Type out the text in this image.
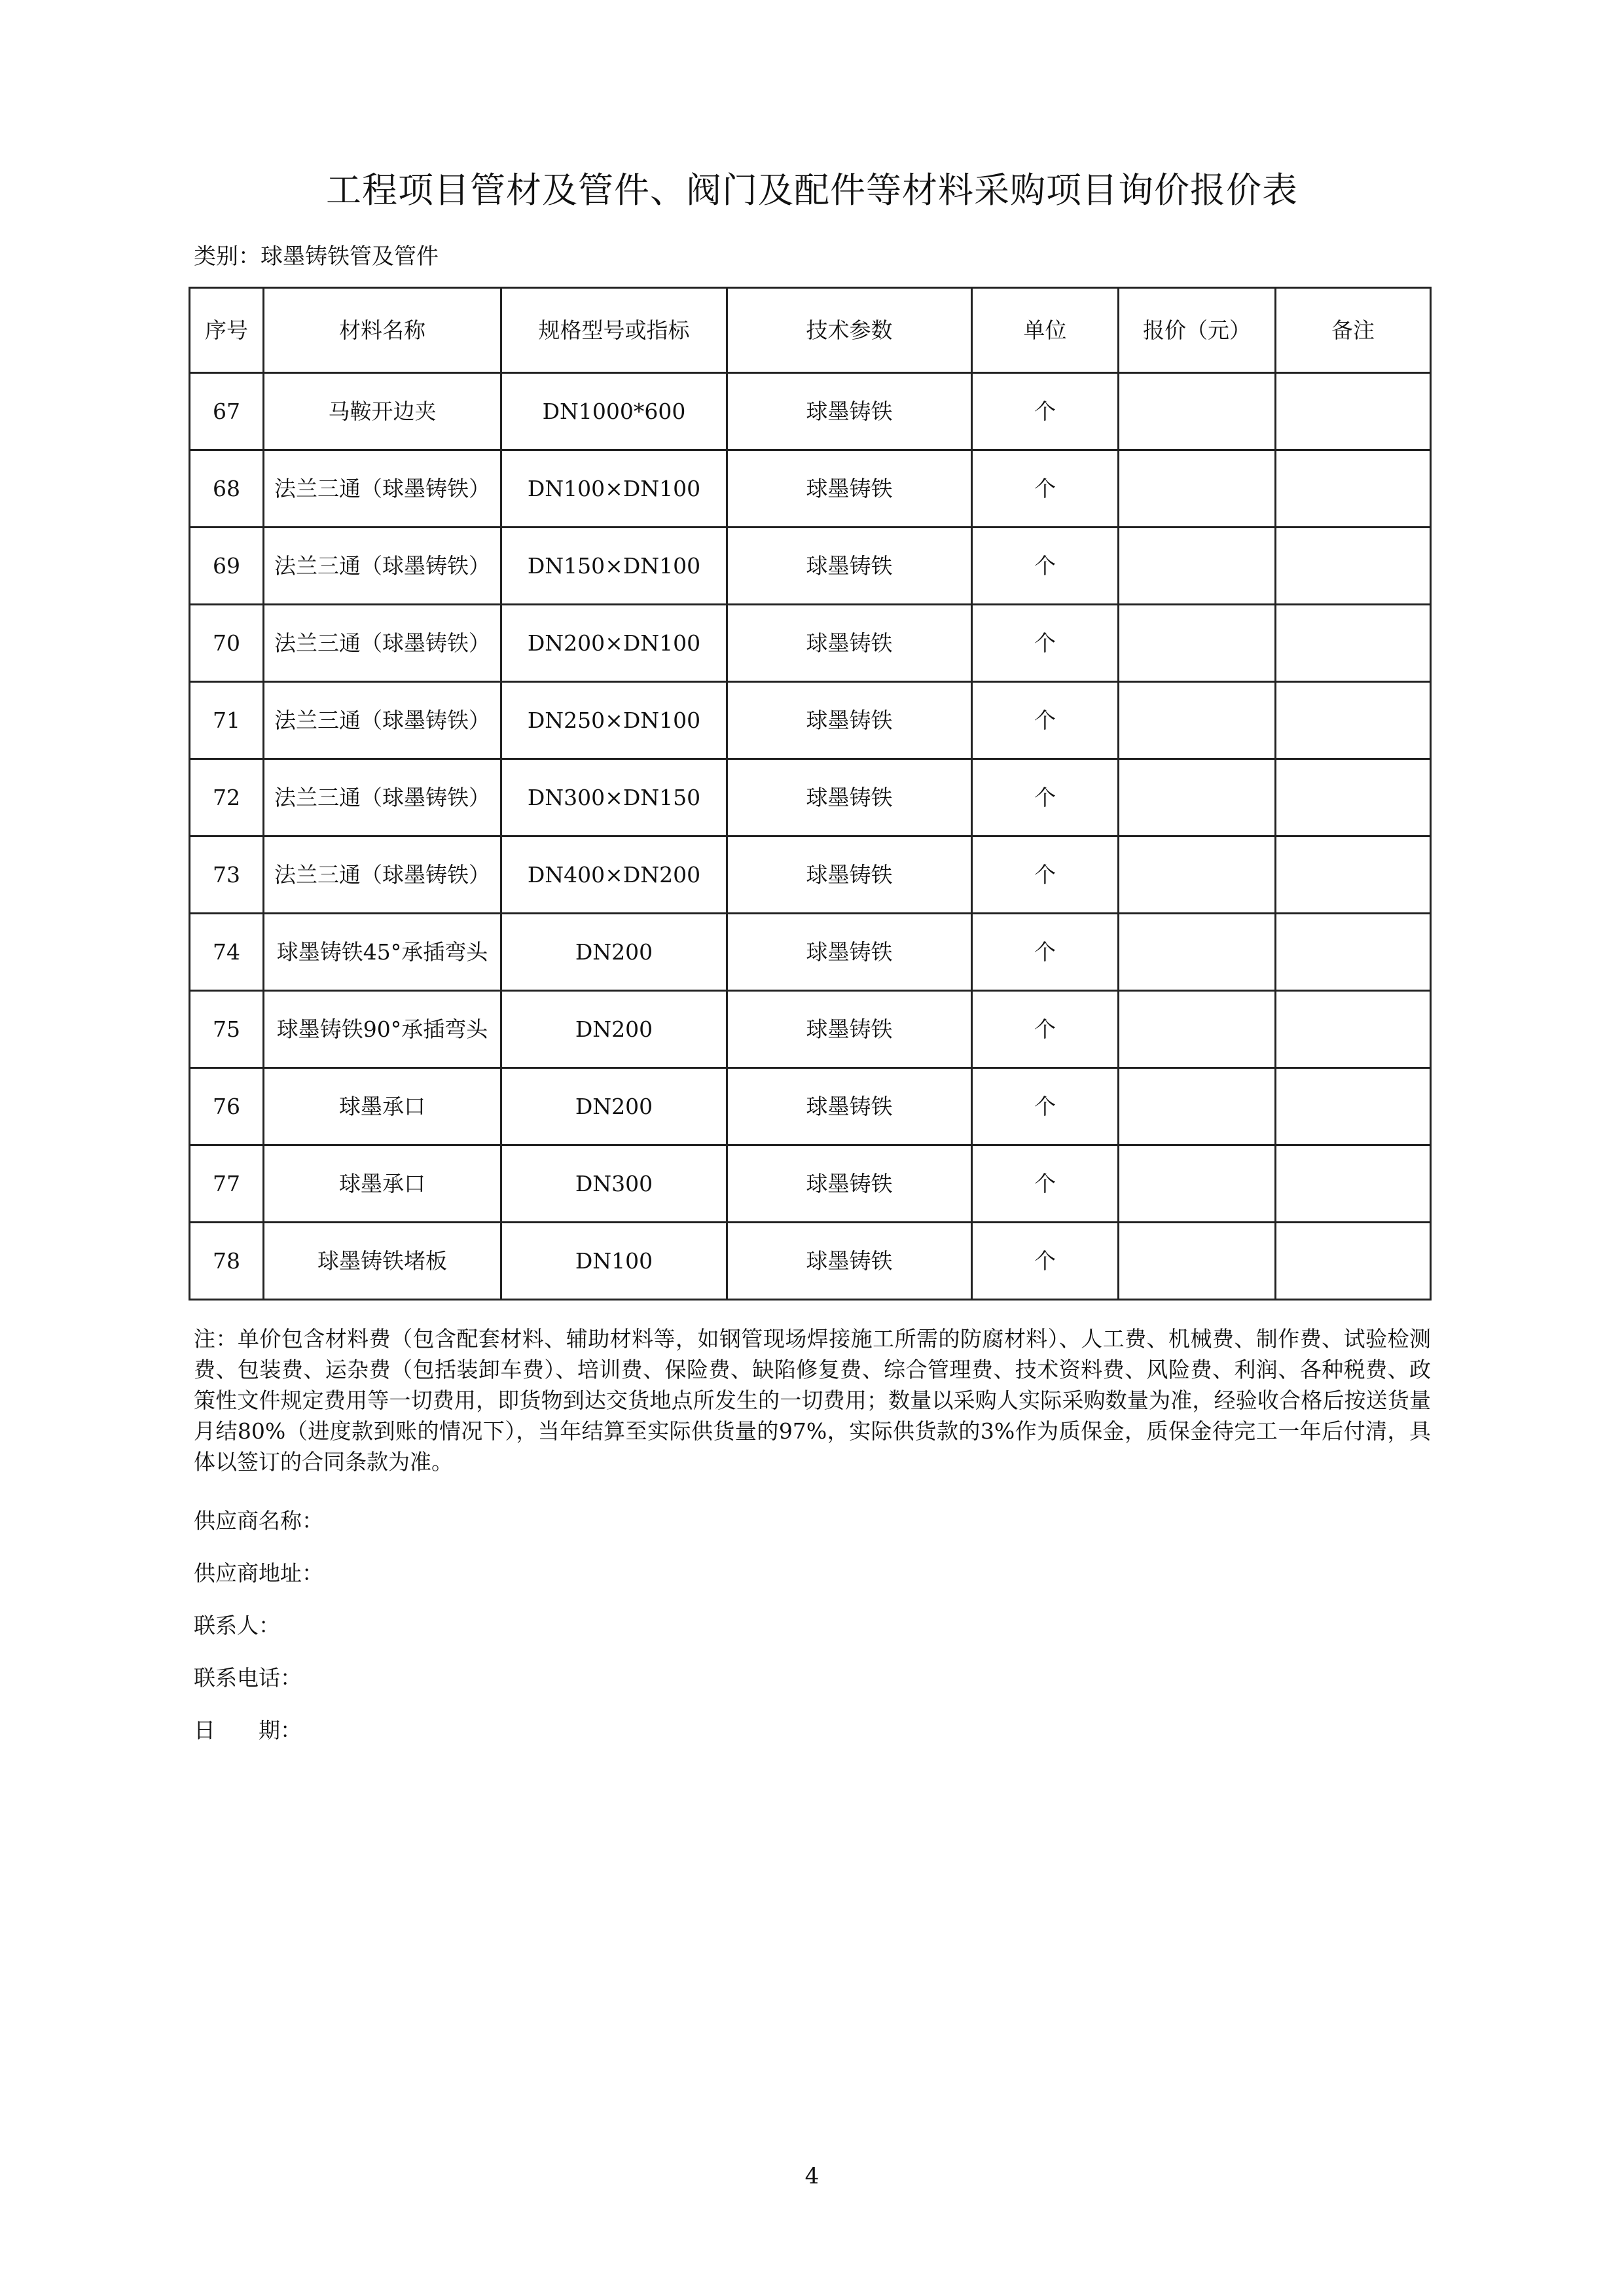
工程项目管材及管件、阀门及配件等材料采购项目询价报价表
类别：球墨铸铁管及管件
序号	材料名称	规格型号或指标	技术参数	单位	报价（元）	备注
67	马鞍开边夹	DN1000*600	球墨铸铁	个		
68	法兰三通（球墨铸铁）	DN100×DN100	球墨铸铁	个		
69	法兰三通（球墨铸铁）	DN150×DN100	球墨铸铁	个		
70	法兰三通（球墨铸铁）	DN200×DN100	球墨铸铁	个		
71	法兰三通（球墨铸铁）	DN250×DN100	球墨铸铁	个		
72	法兰三通（球墨铸铁）	DN300×DN150	球墨铸铁	个		
73	法兰三通（球墨铸铁）	DN400×DN200	球墨铸铁	个		
74	球墨铸铁45°承插弯头	DN200	球墨铸铁	个		
75	球墨铸铁90°承插弯头	DN200	球墨铸铁	个		
76	球墨承口	DN200	球墨铸铁	个		
77	球墨承口	DN300	球墨铸铁	个		
78	球墨铸铁堵板	DN100	球墨铸铁	个		
注：单价包含材料费（包含配套材料、辅助材料等，如钢管现场焊接施工所需的防腐材料）、人工费、机械费、制作费、试验检测费、包装费、运杂费（包括装卸车费）、培训费、保险费、缺陷修复费、综合管理费、技术资料费、风险费、利润、各种税费、政策性文件规定费用等一切费用，即货物到达交货地点所发生的一切费用；数量以采购人实际采购数量为准，经验收合格后按送货量月结80%（进度款到账的情况下），当年结算至实际供货量的97%，实际供货款的3%作为质保金，质保金待完工一年后付清，具体以签订的合同条款为准。
供应商名称：
供应商地址：
联系人：
联系电话：
日　　期：
4
